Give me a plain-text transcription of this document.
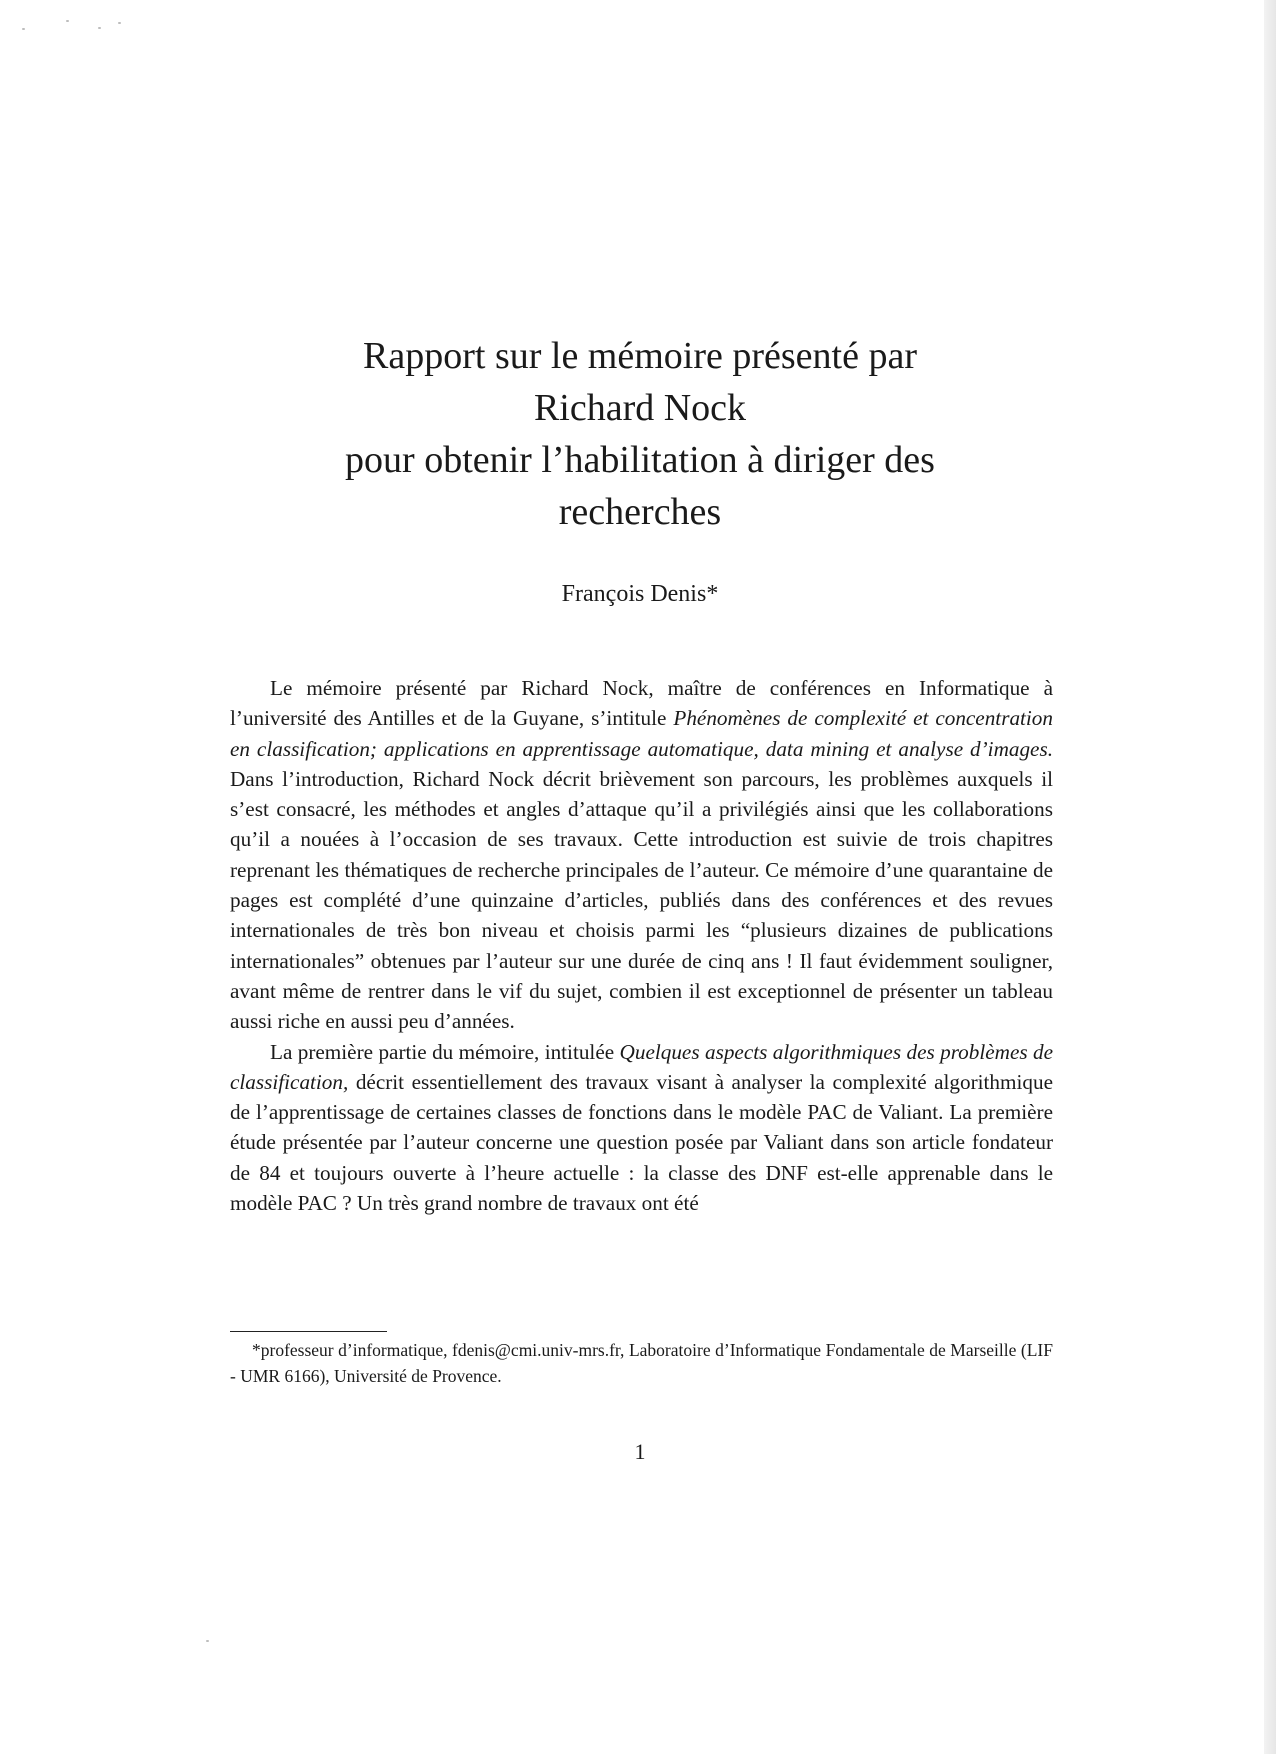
Rapport sur le mémoire présenté par
Richard Nock
pour obtenir l’habilitation à diriger des
recherches
François Denis*

Le mémoire présenté par Richard Nock, maître de conférences en Informatique à l’université des Antilles et de la Guyane, s’intitule Phénomènes de complexité et concentration en classification; applications en apprentissage automatique, data mining et analyse d’images. Dans l’introduction, Richard Nock décrit brièvement son parcours, les problèmes auxquels il s’est consacré, les méthodes et angles d’attaque qu’il a privilégiés ainsi que les collaborations qu’il a nouées à l’occasion de ses travaux. Cette introduction est suivie de trois chapitres reprenant les thématiques de recherche principales de l’auteur. Ce mémoire d’une quarantaine de pages est complété d’une quinzaine d’articles, publiés dans des conférences et des revues internationales de très bon niveau et choisis parmi les “plusieurs dizaines de publications internationales” obtenues par l’auteur sur une durée de cinq ans ! Il faut évidemment souligner, avant même de rentrer dans le vif du sujet, combien il est exceptionnel de présenter un tableau aussi riche en aussi peu d’années.

La première partie du mémoire, intitulée Quelques aspects algorithmiques des problèmes de classification, décrit essentiellement des travaux visant à analyser la complexité algorithmique de l’apprentissage de certaines classes de fonctions dans le modèle PAC de Valiant. La première étude présentée par l’auteur concerne une question posée par Valiant dans son article fondateur de 84 et toujours ouverte à l’heure actuelle : la classe des DNF est-elle apprenable dans le modèle PAC ? Un très grand nombre de travaux ont été

*professeur d’informatique, fdenis@cmi.univ-mrs.fr, Laboratoire d’Informatique Fondamentale de Marseille (LIF - UMR 6166), Université de Provence.
1
